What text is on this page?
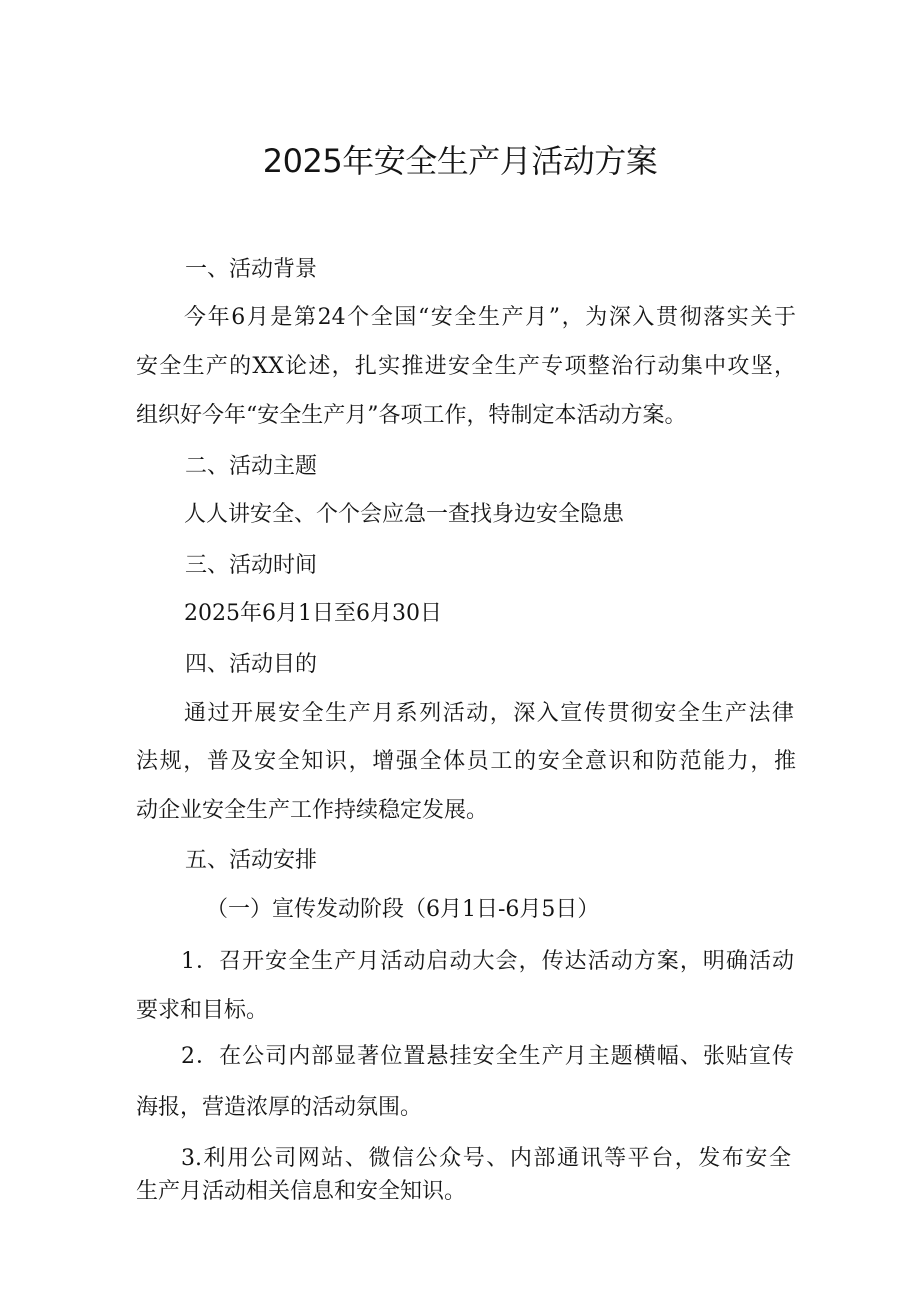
2025年安全生产月活动方案
一、活动背景
今年6月是第24个全国“安全生产月”，为深入贯彻落实关于
安全生产的XX论述，扎实推进安全生产专项整治行动集中攻坚，
组织好今年“安全生产月”各项工作，特制定本活动方案。
二、活动主题
人人讲安全、个个会应急一查找身边安全隐患
三、活动时间
2025年6月1日至6月30日
四、活动目的
通过开展安全生产月系列活动，深入宣传贯彻安全生产法律
法规，普及安全知识，增强全体员工的安全意识和防范能力，推
动企业安全生产工作持续稳定发展。
五、活动安排
（一）宣传发动阶段（6月1日-6月5日）
1．召开安全生产月活动启动大会，传达活动方案，明确活动
要求和目标。
2．在公司内部显著位置悬挂安全生产月主题横幅、张贴宣传
海报，营造浓厚的活动氛围。
3.利用公司网站、微信公众号、内部通讯等平台，发布安全
生产月活动相关信息和安全知识。
